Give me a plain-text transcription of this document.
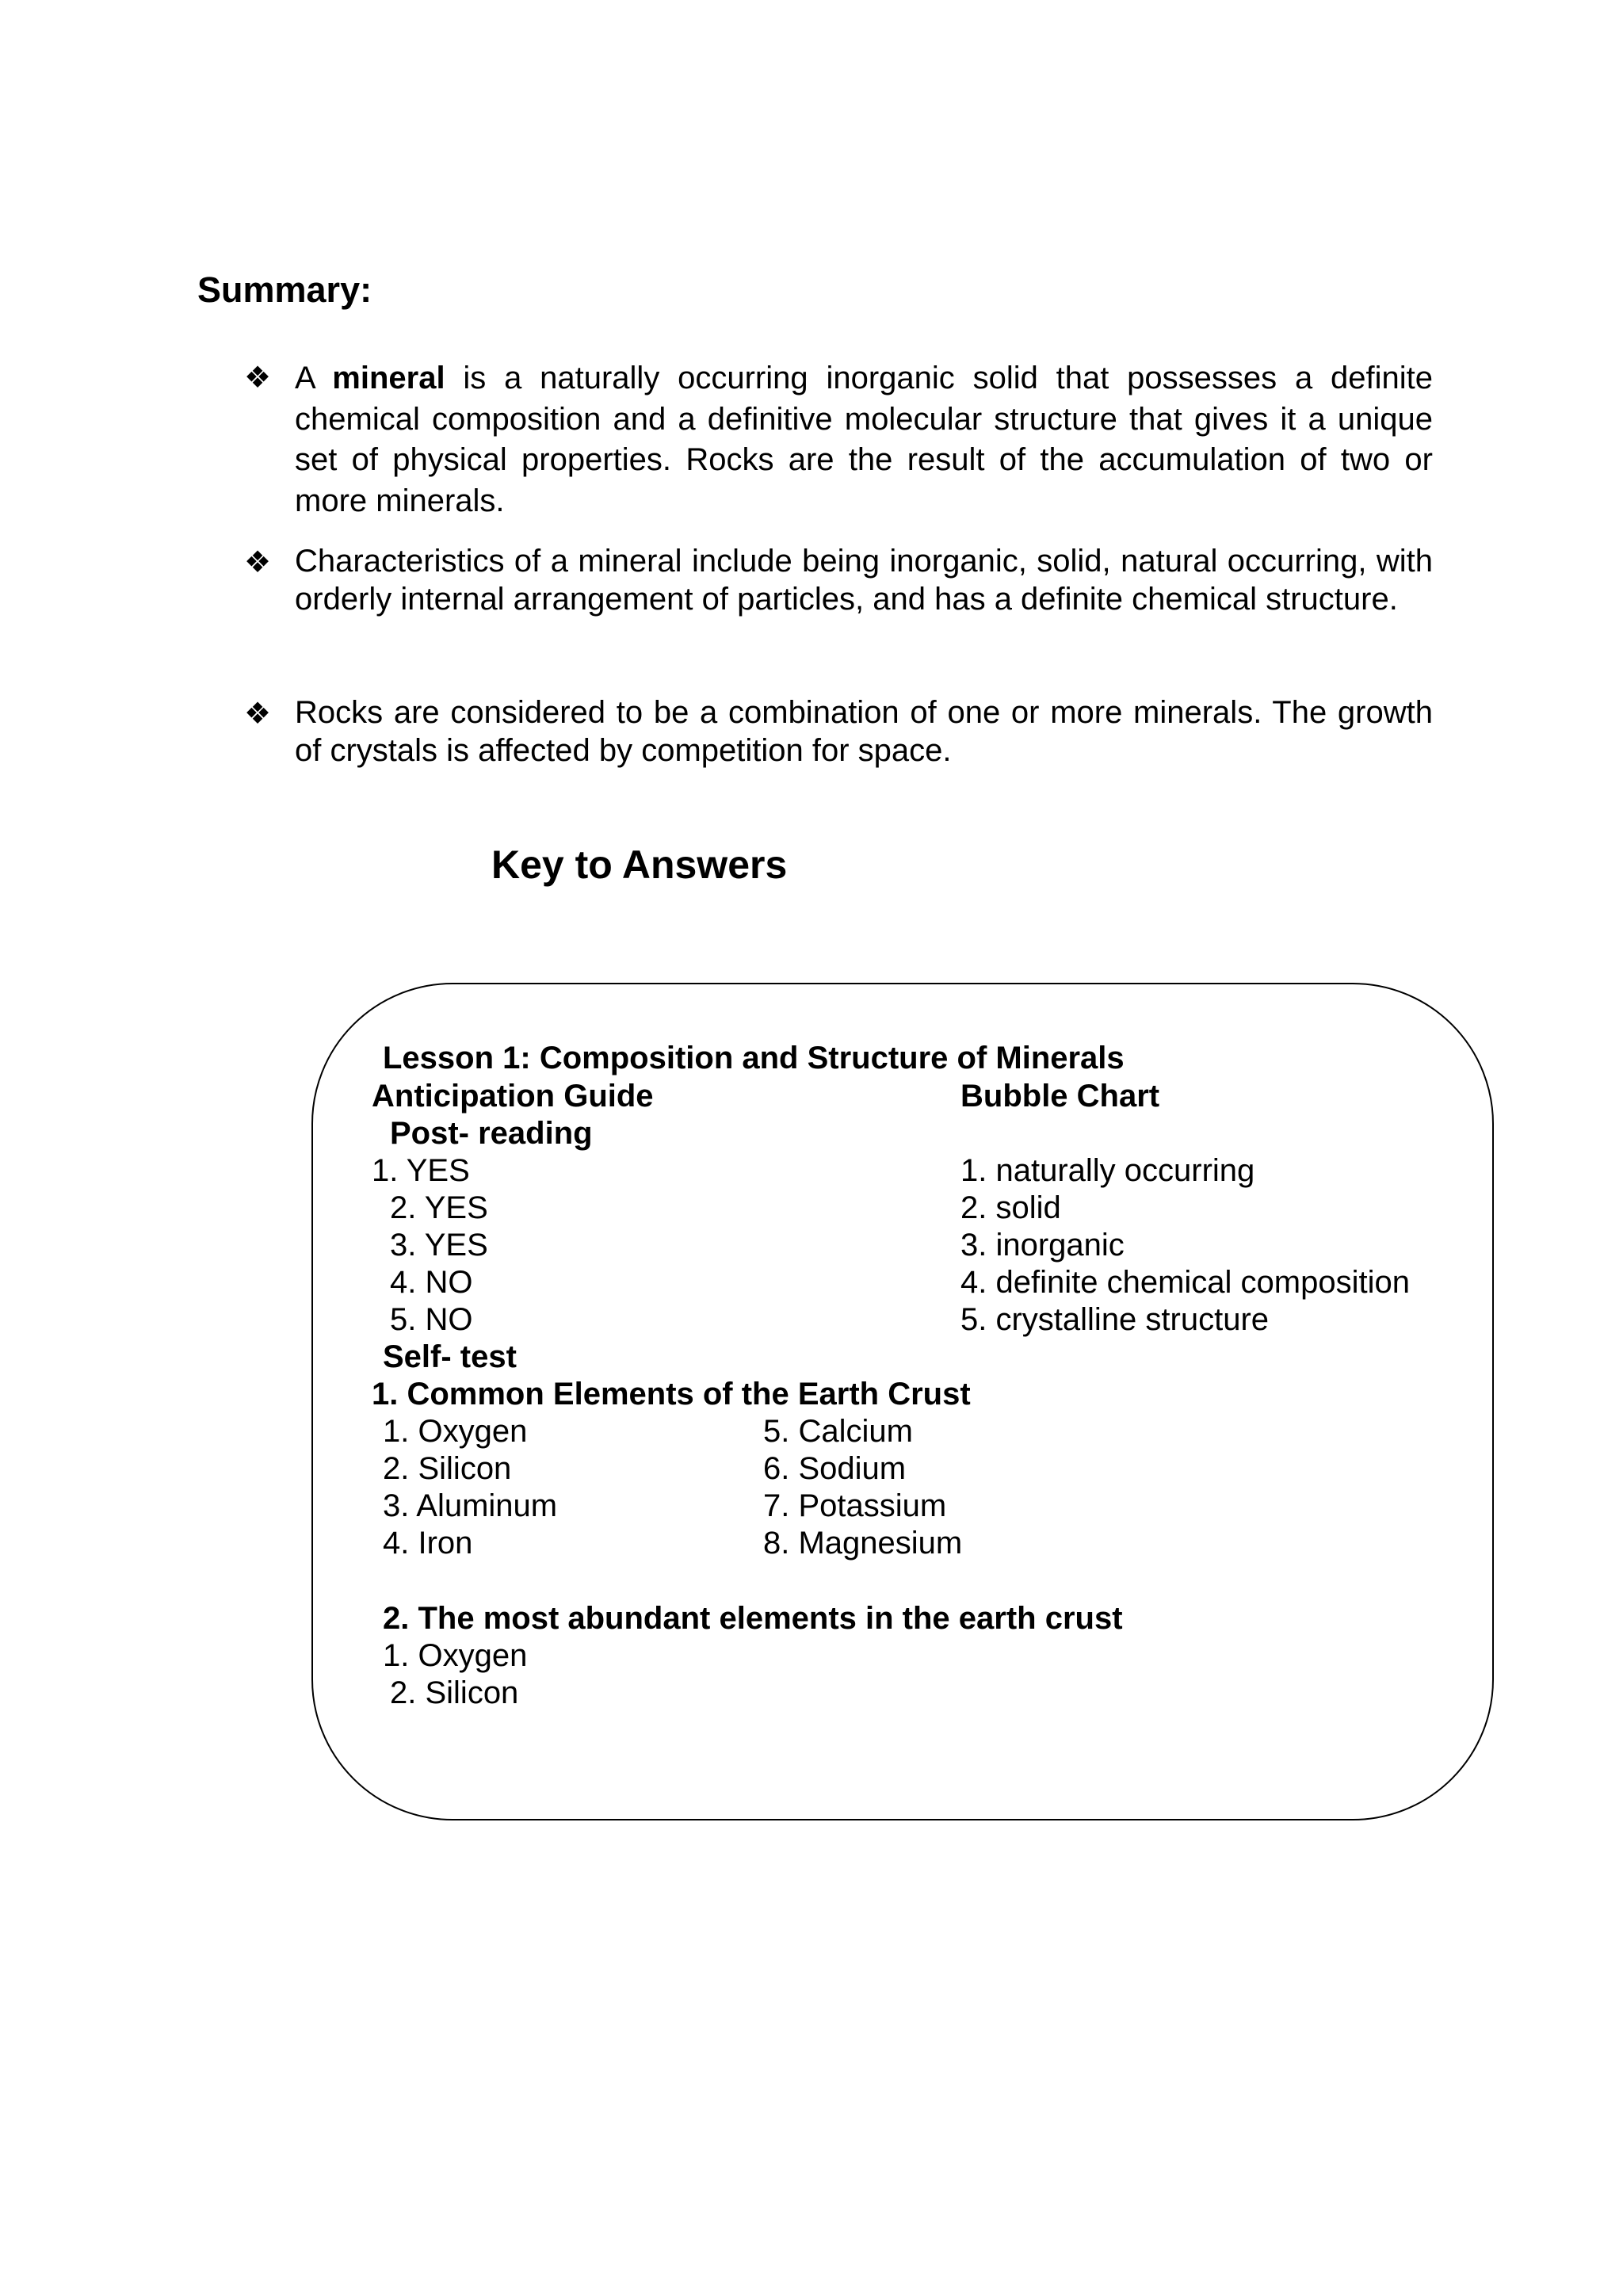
Summary:
❖ A mineral is a naturally occurring inorganic solid that possesses a definite chemical composition and a definitive molecular structure that gives it a unique set of physical properties. Rocks are the result of the accumulation of two or more minerals.
❖ Characteristics of a mineral include being inorganic, solid, natural occurring, with orderly internal arrangement of particles, and has a definite chemical structure.
❖ Rocks are considered to be a combination of one or more minerals. The growth of crystals is affected by competition for space.
Key to Answers
Lesson 1: Composition and Structure of Minerals
Anticipation Guide	Bubble Chart
Post- reading
1. YES
2. YES
3. YES
4. NO
5. NO
1. naturally occurring
2. solid
3. inorganic
4. definite chemical composition
5. crystalline structure
Self- test
1. Common Elements of the Earth Crust
1. Oxygen
2. Silicon
3. Aluminum
4. Iron
5. Calcium
6. Sodium
7. Potassium
8. Magnesium
2. The most abundant elements in the earth crust
1. Oxygen
2. Silicon
